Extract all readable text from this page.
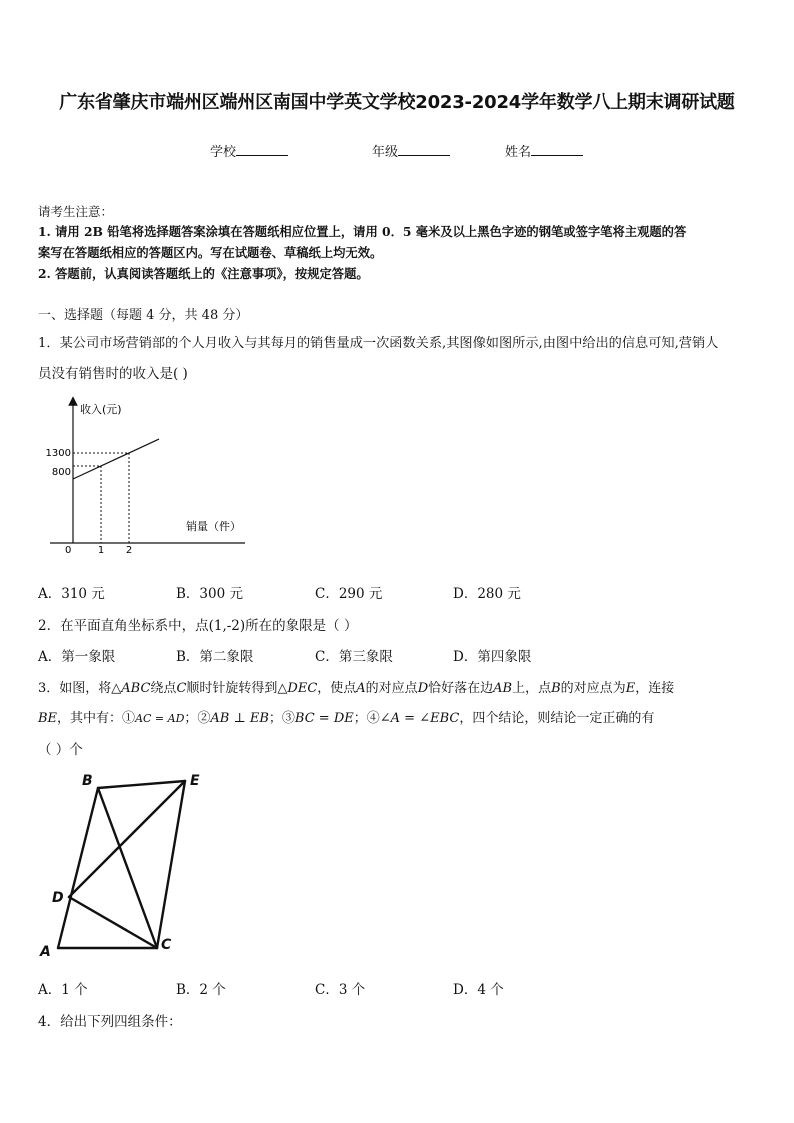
广东省肇庆市端州区端州区南国中学英文学校2023-2024学年数学八上期末调研试题
学校	年级	姓名
请考生注意：
1. 请用 2B 铅笔将选择题答案涂填在答题纸相应位置上，请用 0．5 毫米及以上黑色字迹的钢笔或签字笔将主观题的答
案写在答题纸相应的答题区内。写在试题卷、草稿纸上均无效。
2. 答题前，认真阅读答题纸上的《注意事项》，按规定答题。
一、选择题（每题 4 分，共 48 分）
1．某公司市场营销部的个人月收入与其每月的销售量成一次函数关系,其图像如图所示,由图中给出的信息可知,营销人
员没有销售时的收入是( )
收入(元)
销量（件）
0	1 2
1300
800
A．310 元	B．300 元	C．290 元	D．280 元
2．在平面直角坐标系中，点(1,-2)所在的象限是（ ）
A．第一象限	B．第二象限	C．第三象限	D．第四象限
3．如图，将△ABC绕点C顺时针旋转得到△DEC，使点A的对应点D恰好落在边AB上，点B的对应点为E，连接
BE，其中有：①AC = AD；②AB ⊥ EB；③BC = DE；④∠A = ∠EBC，四个结论，则结论一定正确的有
（ ）个
B	E
D
A	C
A．1 个	B．2 个	C．3 个	D．4 个
4．给出下列四组条件：
